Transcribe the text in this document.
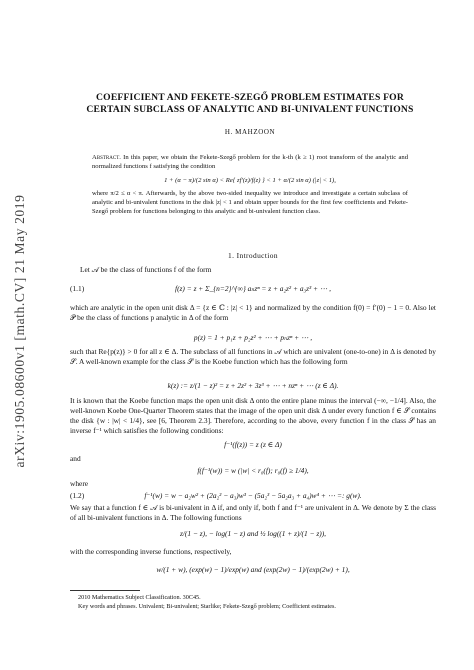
arXiv:1905.08600v1 [math.CV] 21 May 2019
COEFFICIENT AND FEKETE-SZEGŐ PROBLEM ESTIMATES FOR
CERTAIN SUBCLASS OF ANALYTIC AND BI-UNIVALENT FUNCTIONS
H. MAHZOON
Abstract. In this paper, we obtain the Fekete-Szegő problem for the k-th (k ≥ 1) root transform of the analytic and normalized functions f satisfying the condition
1 + (α − π)/(2 sin α) < Re{ zf′(z)/f(z) } < 1 + α/(2 sin α) (|z| < 1),
where π/2 ≤ α < π. Afterwards, by the above two-sided inequality we introduce and investigate a certain subclass of analytic and bi-univalent functions in the disk |z| < 1 and obtain upper bounds for the first few coefficients and Fekete-Szegő problem for functions belonging to this analytic and bi-univalent function class.
1. Introduction
Let 𝒜 be the class of functions f of the form
(1.1)	f(z) = z + Σ_{n=2}^{∞} aₙzⁿ = z + a₂z² + a₃z³ + ⋯ ,
which are analytic in the open unit disk Δ = {z ∈ ℂ : |z| < 1} and normalized by the condition f(0) = f′(0) − 1 = 0. Also let 𝒫 be the class of functions p analytic in Δ of the form
p(z) = 1 + p₁z + p₂z² + ⋯ + pₙzⁿ + ⋯ ,
such that Re{p(z)} > 0 for all z ∈ Δ. The subclass of all functions in 𝒜 which are univalent (one-to-one) in Δ is denoted by 𝒮. A well-known example for the class 𝒮 is the Koebe function which has the following form
k(z) := z/(1 − z)² = z + 2z² + 3z³ + ⋯ + nzⁿ + ⋯ (z ∈ Δ).
It is known that the Koebe function maps the open unit disk Δ onto the entire plane minus the interval (−∞, −1/4]. Also, the well-known Koebe One-Quarter Theorem states that the image of the open unit disk Δ under every function f ∈ 𝒮 contains the disk {w : |w| < 1/4}, see [6, Theorem 2.3]. Therefore, according to the above, every function f in the class 𝒮 has an inverse f⁻¹ which satisfies the following conditions:
f⁻¹(f(z)) = z (z ∈ Δ)
and
f(f⁻¹(w)) = w (|w| < r₀(f); r₀(f) ≥ 1/4),
where
(1.2)	f⁻¹(w) = w − a₂w² + (2a₂² − a₃)w³ − (5a₂³ − 5a₂a₃ + a₄)w⁴ + ⋯ =: g(w).
We say that a function f ∈ 𝒜 is bi-univalent in Δ if, and only if, both f and f⁻¹ are univalent in Δ. We denote by Σ the class of all bi-univalent functions in Δ. The following functions
z/(1 − z), − log(1 − z) and ½ log((1 + z)/(1 − z)),
with the corresponding inverse functions, respectively,
w/(1 + w), (exp(w) − 1)/exp(w) and (exp(2w) − 1)/(exp(2w) + 1),
2010 Mathematics Subject Classification. 30C45.
Key words and phrases. Univalent; Bi-univalent; Starlike; Fekete-Szegő problem; Coefficient estimates.
